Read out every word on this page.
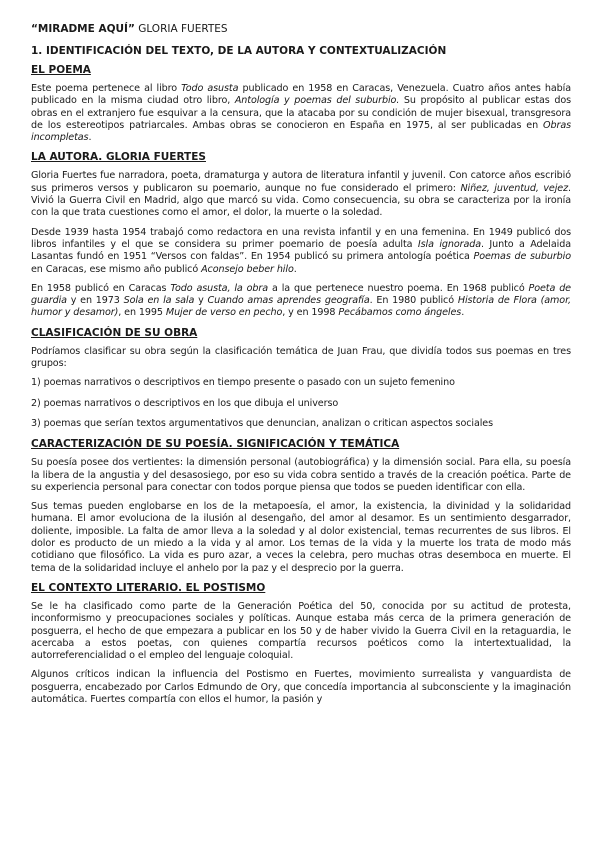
“MIRADME AQUÍ” GLORIA FUERTES
1. IDENTIFICACIÓN DEL TEXTO, DE LA AUTORA Y CONTEXTUALIZACIÓN
EL POEMA

Este poema pertenece al libro Todo asusta publicado en 1958 en Caracas, Venezuela. Cuatro años antes había publicado en la misma ciudad otro libro, Antología y poemas del suburbio. Su propósito al publicar estas dos obras en el extranjero fue esquivar a la censura, que la atacaba por su condición de mujer bisexual, transgresora de los estereotipos patriarcales. Ambas obras se conocieron en España en 1975, al ser publicadas en Obras incompletas.

LA AUTORA. GLORIA FUERTES

Gloria Fuertes fue narradora, poeta, dramaturga y autora de literatura infantil y juvenil. Con catorce años escribió sus primeros versos y publicaron su poemario, aunque no fue considerado el primero: Niñez, juventud, vejez. Vivió la Guerra Civil en Madrid, algo que marcó su vida. Como consecuencia, su obra se caracteriza por la ironía con la que trata cuestiones como el amor, el dolor, la muerte o la soledad.

Desde 1939 hasta 1954 trabajó como redactora en una revista infantil y en una femenina. En 1949 publicó dos libros infantiles y el que se considera su primer poemario de poesía adulta Isla ignorada. Junto a Adelaida Lasantas fundó en 1951 “Versos con faldas”. En 1954 publicó su primera antología poética Poemas de suburbio en Caracas, ese mismo año publicó Aconsejo beber hilo.

En 1958 publicó en Caracas Todo asusta, la obra a la que pertenece nuestro poema. En 1968 publicó Poeta de guardia y en 1973 Sola en la sala y Cuando amas aprendes geografía. En 1980 publicó Historia de Flora (amor, humor y desamor), en 1995 Mujer de verso en pecho, y en 1998 Pecábamos como ángeles.

CLASIFICACIÓN DE SU OBRA

Podríamos clasificar su obra según la clasificación temática de Juan Frau, que dividía todos sus poemas en tres grupos:

1) poemas narrativos o descriptivos en tiempo presente o pasado con un sujeto femenino

2) poemas narrativos o descriptivos en los que dibuja el universo

3) poemas que serían textos argumentativos que denuncian, analizan o critican aspectos sociales

CARACTERIZACIÓN DE SU POESÍA. SIGNIFICACIÓN Y TEMÁTICA

Su poesía posee dos vertientes: la dimensión personal (autobiográfica) y la dimensión social. Para ella, su poesía la libera de la angustia y del desasosiego, por eso su vida cobra sentido a través de la creación poética. Parte de su experiencia personal para conectar con todos porque piensa que todos se pueden identificar con ella.

Sus temas pueden englobarse en los de la metapoesía, el amor, la existencia, la divinidad y la solidaridad humana. El amor evoluciona de la ilusión al desengaño, del amor al desamor. Es un sentimiento desgarrador, doliente, imposible. La falta de amor lleva a la soledad y al dolor existencial, temas recurrentes de sus libros. El dolor es producto de un miedo a la vida y al amor. Los temas de la vida y la muerte los trata de modo más cotidiano que filosófico. La vida es puro azar, a veces la celebra, pero muchas otras desemboca en muerte. El tema de la solidaridad incluye el anhelo por la paz y el desprecio por la guerra.

EL CONTEXTO LITERARIO. EL POSTISMO

Se le ha clasificado como parte de la Generación Poética del 50, conocida por su actitud de protesta, inconformismo y preocupaciones sociales y políticas. Aunque estaba más cerca de la primera generación de posguerra, el hecho de que empezara a publicar en los 50 y de haber vivido la Guerra Civil en la retaguardia, le acercaba a estos poetas, con quienes compartía recursos poéticos como la intertextualidad, la autorreferencialidad o el empleo del lenguaje coloquial.

Algunos críticos indican la influencia del Postismo en Fuertes, movimiento surrealista y vanguardista de posguerra, encabezado por Carlos Edmundo de Ory, que concedía importancia al subconsciente y la imaginación automática. Fuertes compartía con ellos el humor, la pasión y
